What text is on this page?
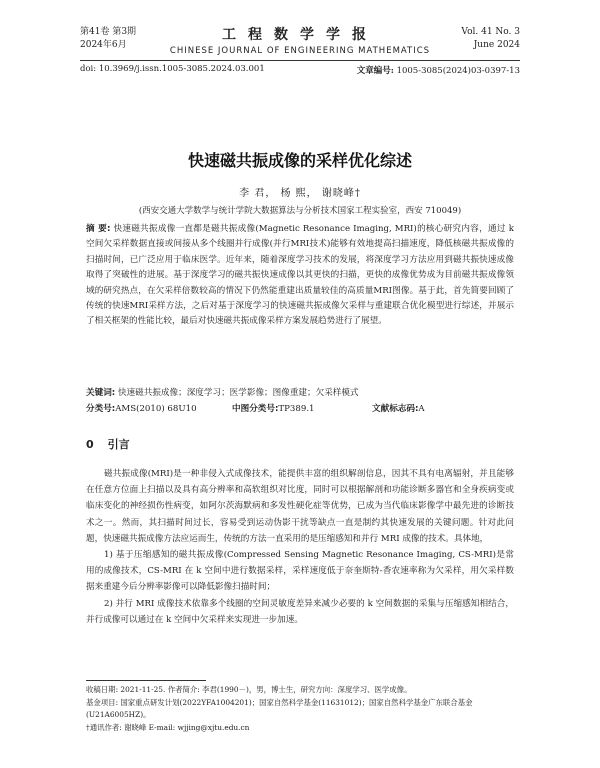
第41卷 第3期
2024年6月
工程数学学报
CHINESE JOURNAL OF ENGINEERING MATHEMATICS
Vol. 41 No. 3
June 2024
doi: 10.3969/j.issn.1005-3085.2024.03.001	文章编号: 1005-3085(2024)03-0397-13
快速磁共振成像的采样优化综述
李 君， 杨 熙， 谢晓峰†
(西安交通大学数学与统计学院大数据算法与分析技术国家工程实验室，西安 710049)
摘 要: 快速磁共振成像一直都是磁共振成像(Magnetic Resonance Imaging, MRI)的核心研究内容，通过 k 空间欠采样数据直接或间接从多个线圈并行成像(并行MRI技术)能够有效地提高扫描速度，降低核磁共振成像的扫描时间，已广泛应用于临床医学。近年来，随着深度学习技术的发展，将深度学习方法应用到磁共振快速成像取得了突破性的进展。基于深度学习的磁共振快速成像以其更快的扫描，更快的成像优势成为目前磁共振成像领域的研究热点，在欠采样倍数较高的情况下仍然能重建出质量较佳的高质量MRI图像。基于此，首先简要回顾了传统的快速MRI采样方法，之后对基于深度学习的快速磁共振成像欠采样与重建联合优化模型进行综述，并展示了相关框架的性能比较，最后对快速磁共振成像采样方案发展趋势进行了展望。
关键词: 快速磁共振成像；深度学习；医学影像；图像重建；欠采样模式
分类号: AMS(2010) 68U10	中图分类号: TP389.1	文献标志码: A
0 引言

磁共振成像(MRI)是一种非侵入式成像技术，能提供丰富的组织解剖信息，因其不具有电离辐射，并且能够在任意方位面上扫描以及具有高分辨率和高软组织对比度，同时可以根据解剖和功能诊断多器官和全身疾病变或临床变化的神经损伤性病变，如阿尔茨海默病和多发性硬化症等优势，已成为当代临床影像学中最先进的诊断技术之一。然而，其扫描时间过长，容易受到运动伪影干扰等缺点一直是制约其快速发展的关键问题。针对此问题，快速磁共振成像方法应运而生，传统的方法一直采用的是压缩感知和并行 MRI 成像的技术。具体地，

1) 基于压缩感知的磁共振成像(Compressed Sensing Magnetic Resonance Imaging, CS-MRI)是常用的成像技术，CS-MRI 在 k 空间中进行数据采样，采样速度低于奈奎斯特-香农速率称为欠采样，用欠采样数据来重建今后分辨率影像可以降低影像扫描时间；

2) 并行 MRI 成像技术依靠多个线圈的空间灵敏度差异来减少必要的 k 空间数据的采集与压缩感知相结合，并行成像可以通过在 k 空间中欠采样来实现进一步加速。

收稿日期: 2021-11-25. 作者简介: 李君(1990－)，男，博士生，研究方向：深度学习、医学成像。

基金项目: 国家重点研发计划(2022YFA1004201)；国家自然科学基金(11631012)；国家自然科学基金广东联合基金(U21A6005HZ)。

†通讯作者: 谢晓峰 E-mail: wjjing@xjtu.edu.cn
